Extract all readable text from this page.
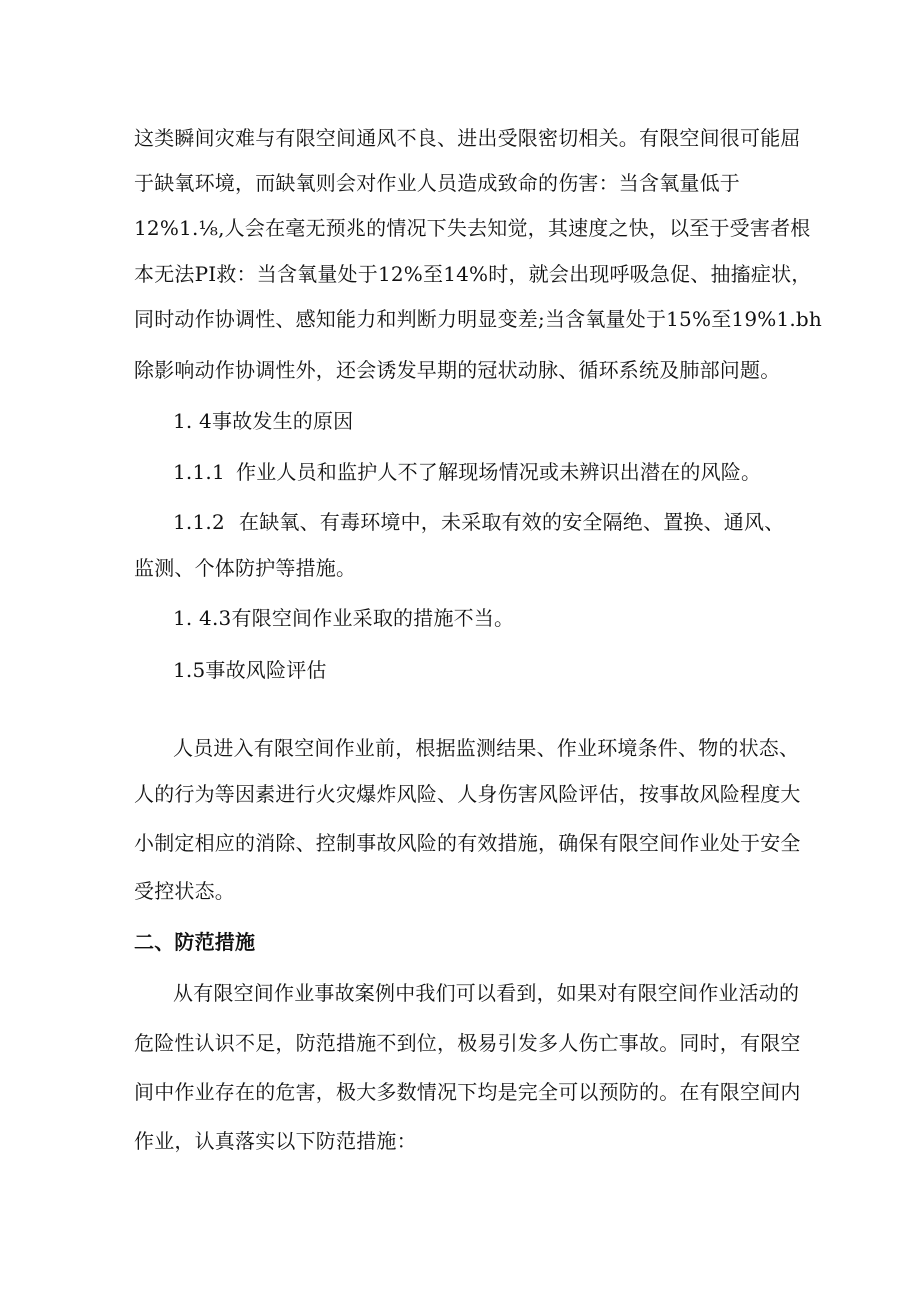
这类瞬间灾难与有限空间通风不良、进出受限密切相关。有限空间很可能屈
于缺氧环境，而缺氧则会对作业人员造成致命的伤害：当含氧量低于
12%1.⅛,人会在毫无预兆的情况下失去知觉，其速度之快，以至于受害者根
本无法PI救：当含氧量处于12%至14%时，就会出现呼吸急促、抽搐症状，
同时动作协调性、感知能力和判断力明显变差;当含氧量处于15%至19%1.bh
除影响动作协调性外，还会诱发早期的冠状动脉、循环系统及肺部问题。
1. 4事故发生的原因
1.1.1 作业人员和监护人不了解现场情况或未辨识出潜在的风险。
1.1.2 在缺氧、有毒环境中，未采取有效的安全隔绝、置换、通风、
监测、个体防护等措施。
1. 4.3有限空间作业采取的措施不当。
1.5事故风险评估
人员进入有限空间作业前，根据监测结果、作业环境条件、物的状态、
人的行为等因素进行火灾爆炸风险、人身伤害风险评估，按事故风险程度大
小制定相应的消除、控制事故风险的有效措施，确保有限空间作业处于安全
受控状态。
二、防范措施
从有限空间作业事故案例中我们可以看到，如果对有限空间作业活动的
危险性认识不足，防范措施不到位，极易引发多人伤亡事故。同时，有限空
间中作业存在的危害，极大多数情况下均是完全可以预防的。在有限空间内
作业，认真落实以下防范措施：
